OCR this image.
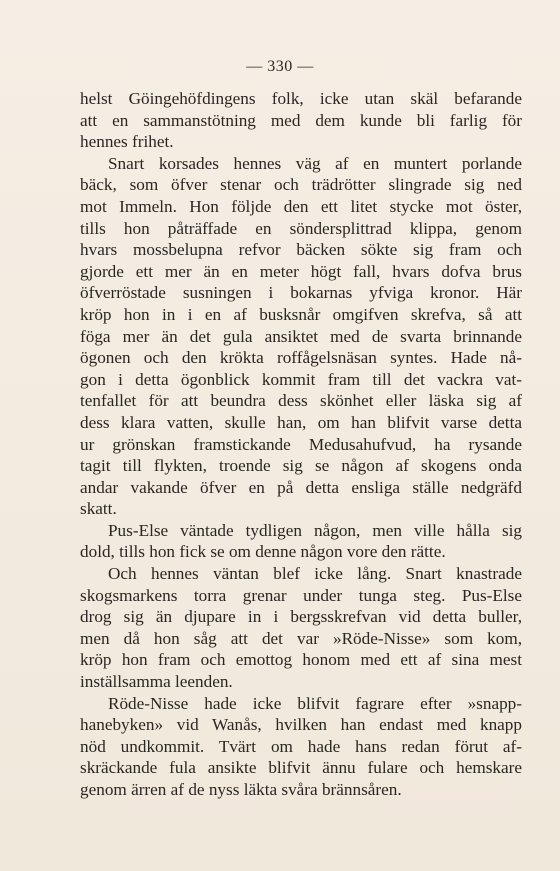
— 330 —
helst Göingehöfdingens folk, icke utan skäl befarande
att en sammanstötning med dem kunde bli farlig för
hennes frihet.
Snart korsades hennes väg af en muntert porlande
bäck, som öfver stenar och trädrötter slingrade sig ned
mot Immeln. Hon följde den ett litet stycke mot öster,
tills hon påträffade en söndersplittrad klippa, genom
hvars mossbelupna refvor bäcken sökte sig fram och
gjorde ett mer än en meter högt fall, hvars dofva brus
öfverröstade susningen i bokarnas yfviga kronor. Här
kröp hon in i en af busksnår omgifven skrefva, så att
föga mer än det gula ansiktet med de svarta brinnande
ögonen och den krökta roffågelsnäsan syntes. Hade nå-
gon i detta ögonblick kommit fram till det vackra vat-
tenfallet för att beundra dess skönhet eller läska sig af
dess klara vatten, skulle han, om han blifvit varse detta
ur grönskan framstickande Medusahufvud, ha rysande
tagit till flykten, troende sig se någon af skogens onda
andar vakande öfver en på detta ensliga ställe nedgräfd
skatt.
Pus-Else väntade tydligen någon, men ville hålla sig
dold, tills hon fick se om denne någon vore den rätte.
Och hennes väntan blef icke lång. Snart knastrade
skogsmarkens torra grenar under tunga steg. Pus-Else
drog sig än djupare in i bergsskrefvan vid detta buller,
men då hon såg att det var »Röde-Nisse» som kom,
kröp hon fram och emottog honom med ett af sina mest
inställsamma leenden.
Röde-Nisse hade icke blifvit fagrare efter »snapp-
hanebyken» vid Wanås, hvilken han endast med knapp
nöd undkommit. Tvärt om hade hans redan förut af-
skräckande fula ansikte blifvit ännu fulare och hemskare
genom ärren af de nyss läkta svåra brännsåren.
